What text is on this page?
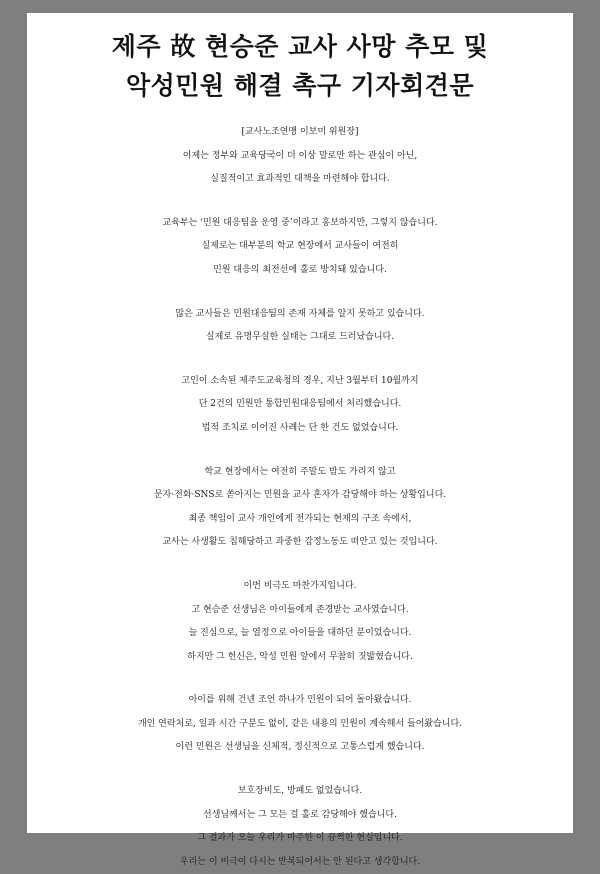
제주 故 현승준 교사 사망 추모 및
악성민원 해결 촉구 기자회견문
[교사노조연맹 이보미 위원장]
이제는 정부와 교육당국이 더 이상 말로만 하는 관심이 아닌,
실질적이고 효과적인 대책을 마련해야 합니다.
교육부는 ‘민원 대응팀을 운영 중’이라고 홍보하지만, 그렇지 않습니다.
실제로는 대부분의 학교 현장에서 교사들이 여전히
민원 대응의 최전선에 홀로 방치돼 있습니다.
많은 교사들은 민원대응팀의 존재 자체를 알지 못하고 있습니다.
실제로 유명무실한 실태는 그대로 드러났습니다.
고인이 소속된 제주도교육청의 경우, 지난 3월부터 10월까지
단 2건의 민원만 통합민원대응팀에서 처리했습니다.
법적 조치로 이어진 사례는 단 한 건도 없었습니다.
학교 현장에서는 여전히 주말도 밤도 가리지 않고
문자·전화·SNS로 쏟아지는 민원을 교사 혼자가 감당해야 하는 상황입니다.
최종 책임이 교사 개인에게 전가되는 현재의 구조 속에서,
교사는 사생활도 침해당하고 과중한 감정노동도 떠안고 있는 것입니다.
이번 비극도 마찬가지입니다.
고 현승준 선생님은 아이들에게 존경받는 교사였습니다.
늘 진심으로, 늘 열정으로 아이들을 대하던 분이었습니다.
하지만 그 헌신은, 악성 민원 앞에서 무참히 짓밟혔습니다.
아이를 위해 건넨 조언 하나가 민원이 되어 돌아왔습니다.
개인 연락처로, 일과 시간 구분도 없이, 같은 내용의 민원이 계속해서 들어왔습니다.
이런 민원은 선생님을 신체적, 정신적으로 고통스럽게 했습니다.
보호장비도, 방패도 없었습니다.
선생님께서는 그 모든 걸 홀로 감당해야 했습니다.
그 결과가 오늘 우리가 마주한 이 끔찍한 현실입니다.
우리는 이 비극이 다시는 반복되어서는 안 된다고 생각합니다.
